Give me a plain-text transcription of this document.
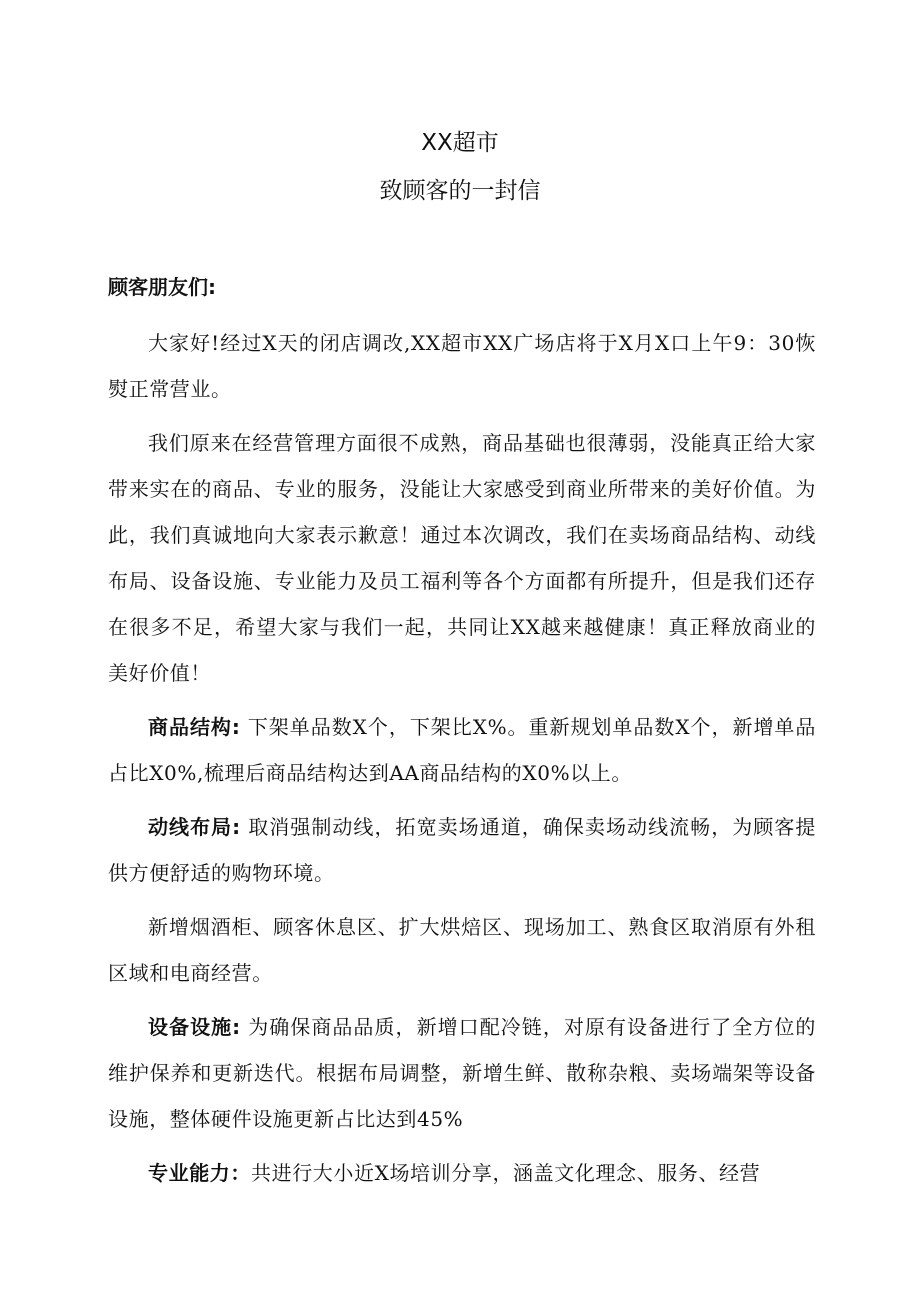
XX超市
致顾客的一封信
顾客朋友们:

大家好!经过X天的闭店调改,XX超市XX广场店将于X月X口上午9：30恢熨正常营业。

我们原来在经营管理方面很不成熟，商品基础也很薄弱，没能真正给大家带来实在的商品、专业的服务，没能让大家感受到商业所带来的美好价值。为此，我们真诚地向大家表示歉意！通过本次调改，我们在卖场商品结构、动线布局、设备设施、专业能力及员工福利等各个方面都有所提升，但是我们还存在很多不足，希望大家与我们一起，共同让XX越来越健康！真正释放商业的美好价值！

商品结构: 下架单品数X个，下架比X%。重新规划单品数X个，新增单品占比X0%,梳理后商品结构达到AA商品结构的X0%以上。

动线布局: 取消强制动线，拓宽卖场通道，确保卖场动线流畅，为顾客提供方便舒适的购物环境。

新增烟酒柜、顾客休息区、扩大烘焙区、现场加工、熟食区取消原有外租区域和电商经营。

设备设施: 为确保商品品质，新增口配冷链，对原有设备进行了全方位的维护保养和更新迭代。根据布局调整，新增生鲜、散称杂粮、卖场端架等设备设施，整体硬件设施更新占比达到45%

专业能力：共进行大小近X场培训分享，涵盖文化理念、服务、经营
